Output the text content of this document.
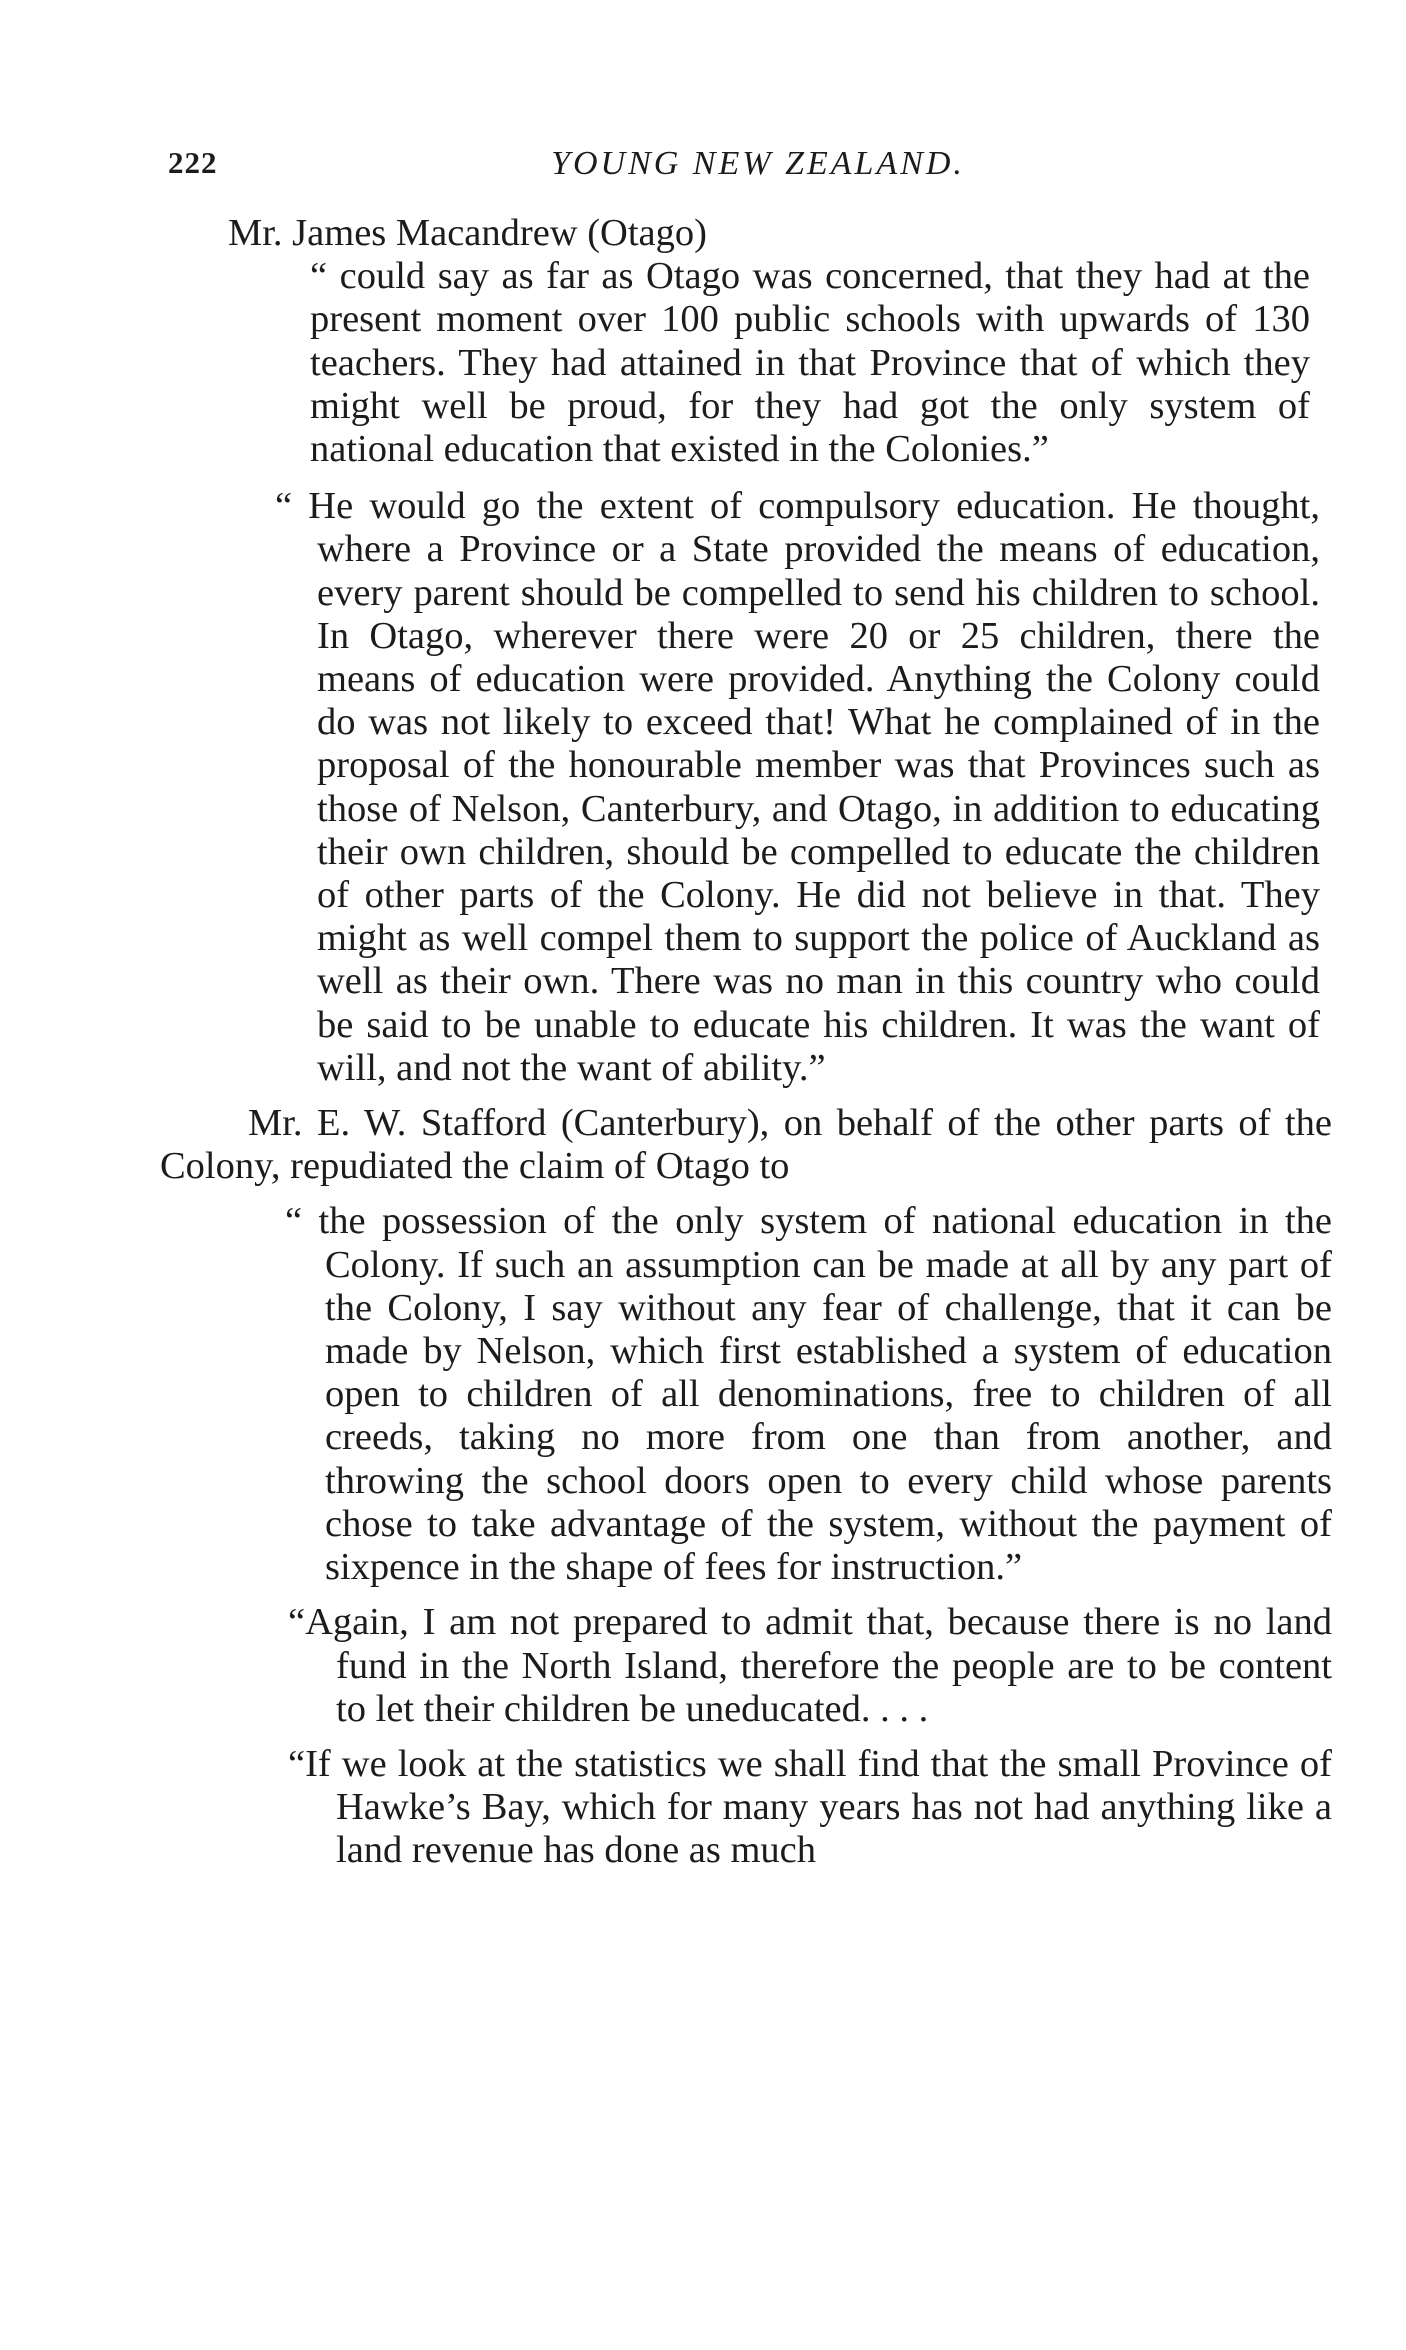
222	YOUNG NEW ZEALAND.
Mr. James Macandrew (Otago)

“ could say as far as Otago was concerned, that they had at the present moment over 100 public schools with upwards of 130 teachers. They had attained in that Province that of which they might well be proud, for they had got the only system of national education that existed in the Colonies.”

“ He would go the extent of compulsory education. He thought, where a Province or a State provided the means of education, every parent should be compelled to send his children to school. In Otago, wherever there were 20 or 25 children, there the means of education were provided. Anything the Colony could do was not likely to exceed that! What he complained of in the proposal of the honourable member was that Provinces such as those of Nelson, Canterbury, and Otago, in addition to educating their own children, should be compelled to educate the children of other parts of the Colony. He did not believe in that. They might as well compel them to support the police of Auckland as well as their own. There was no man in this country who could be said to be unable to educate his children. It was the want of will, and not the want of ability.”

Mr. E. W. Stafford (Canterbury), on behalf of the other parts of the Colony, repudiated the claim of Otago to

“ the possession of the only system of national education in the Colony. If such an assumption can be made at all by any part of the Colony, I say without any fear of challenge, that it can be made by Nelson, which first established a system of education open to children of all denominations, free to children of all creeds, taking no more from one than from another, and throwing the school doors open to every child whose parents chose to take advantage of the system, without the payment of sixpence in the shape of fees for instruction.”

“Again, I am not prepared to admit that, because there is no land fund in the North Island, therefore the people are to be content to let their children be uneducated. . . .

“If we look at the statistics we shall find that the small Province of Hawke’s Bay, which for many years has not had anything like a land revenue has done as much
